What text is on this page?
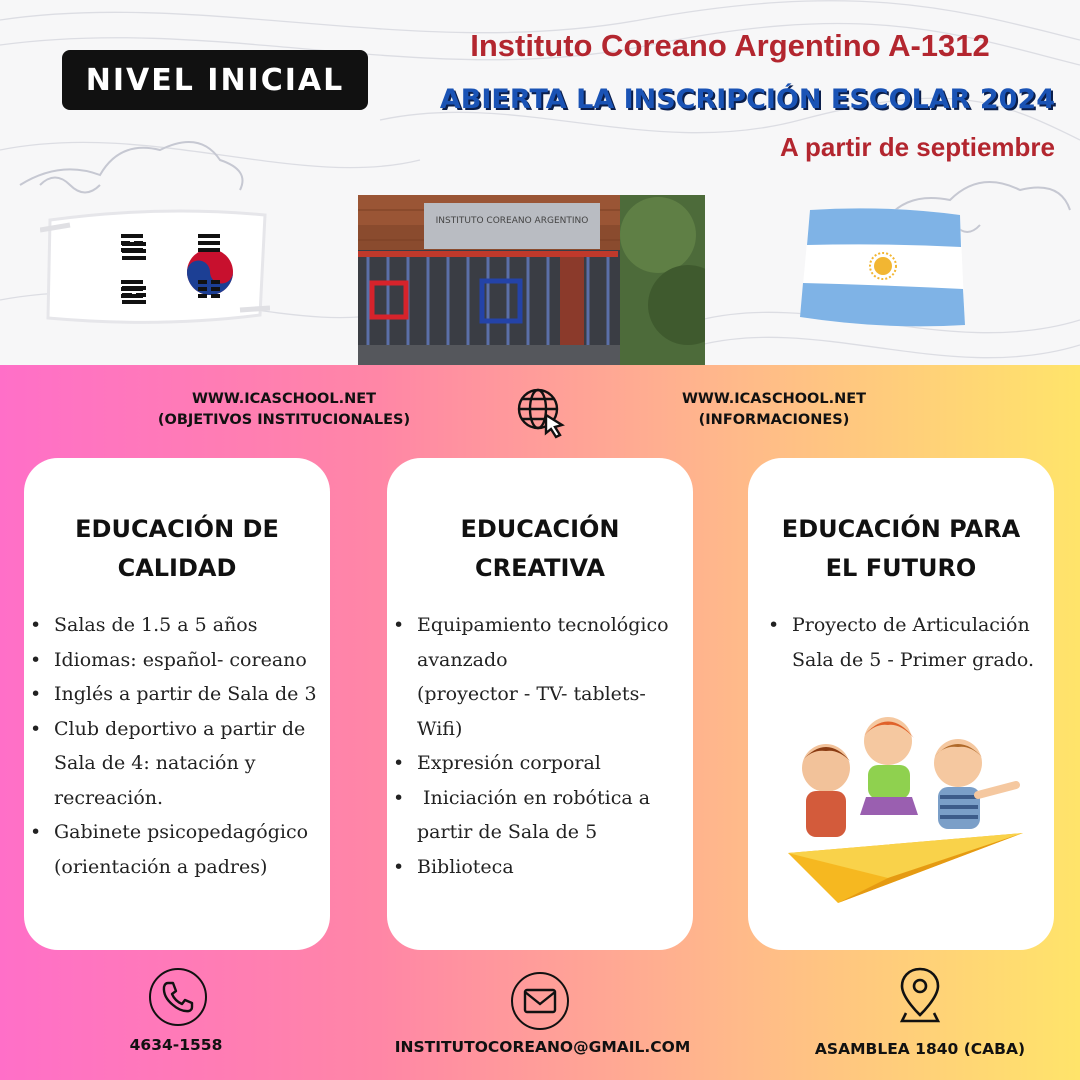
NIVEL INICIAL
Instituto Coreano Argentino A-1312
ABIERTA LA INSCRIPCIÓN ESCOLAR 2024
A partir de septiembre
INSTITUTO COREANO ARGENTINO
WWW.ICASCHOOL.NET
(OBJETIVOS INSTITUCIONALES)
WWW.ICASCHOOL.NET
(INFORMACIONES)
EDUCACIÓN DE
CALIDAD
• Salas de 1.5 a 5 años
• Idiomas: español- coreano
• Inglés a partir de Sala de 3
• Club deportivo a partir de
Sala de 4: natación y
recreación.
• Gabinete psicopedagógico
(orientación a padres)
EDUCACIÓN
CREATIVA
• Equipamiento tecnológico
avanzado
(proyector - TV- tablets-
Wifi)
• Expresión corporal
•  Iniciación en robótica a
partir de Sala de 5
• Biblioteca
EDUCACIÓN PARA
EL FUTURO
• Proyecto de Articulación
Sala de 5 - Primer grado.
4634-1558	INSTITUTOCOREANO@GMAIL.COM	ASAMBLEA 1840 (CABA)
